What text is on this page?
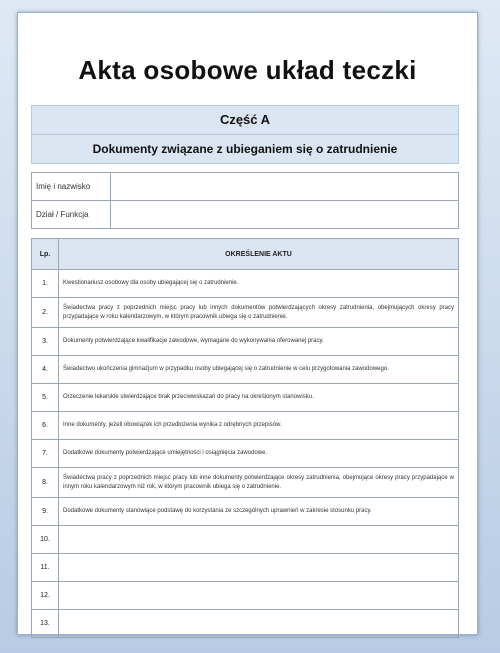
Akta osobowe układ teczki
Część A
Dokumenty związane z ubieganiem się o zatrudnienie
Imię i nazwisko	
Dział / Funkcja	
Lp.	OKREŚLENIE AKTU
1.	Kwestionariusz osobowy dla osoby ubiegającej się o zatrudnienie.
2.	Świadectwa pracy z poprzednich miejsc pracy lub innych dokumentów potwierdzających okresy zatrudnienia, obejmujących okresy pracy przypadające w roku kalendarzowym, w którym pracownik ubiega się o zatrudnienie.
3.	Dokumenty potwierdzające kwalifikacje zawodowe, wymagane do wykonywania oferowanej pracy.
4.	Świadectwo ukończenia gimnazjum w przypadku osoby ubiegającej się o zatrudnienie w celu przygotowania zawodowego.
5.	Orzeczenie lekarskie stwierdzające brak przeciwwskazań do pracy na określonym stanowisku.
6.	Inne dokumenty, jeżeli obowiązek ich przedłożenia wynika z odrębnych przepisów.
7.	Dodatkowe dokumenty potwierdzające umiejętności i osiągnięcia zawodowe.
8.	Świadectwa pracy z poprzednich miejsc pracy lub inne dokumenty potwierdzające okresy zatrudnienia, obejmujące okresy pracy przypadające w innym roku kalendarzowym niż rok, w którym pracownik ubiega się o zatrudnienie.
9.	Dodatkowe dokumenty stanowiące podstawę do korzystania ze szczególnych uprawnień w zakresie stosunku pracy.
10.	
11.	
12.	
13.	
